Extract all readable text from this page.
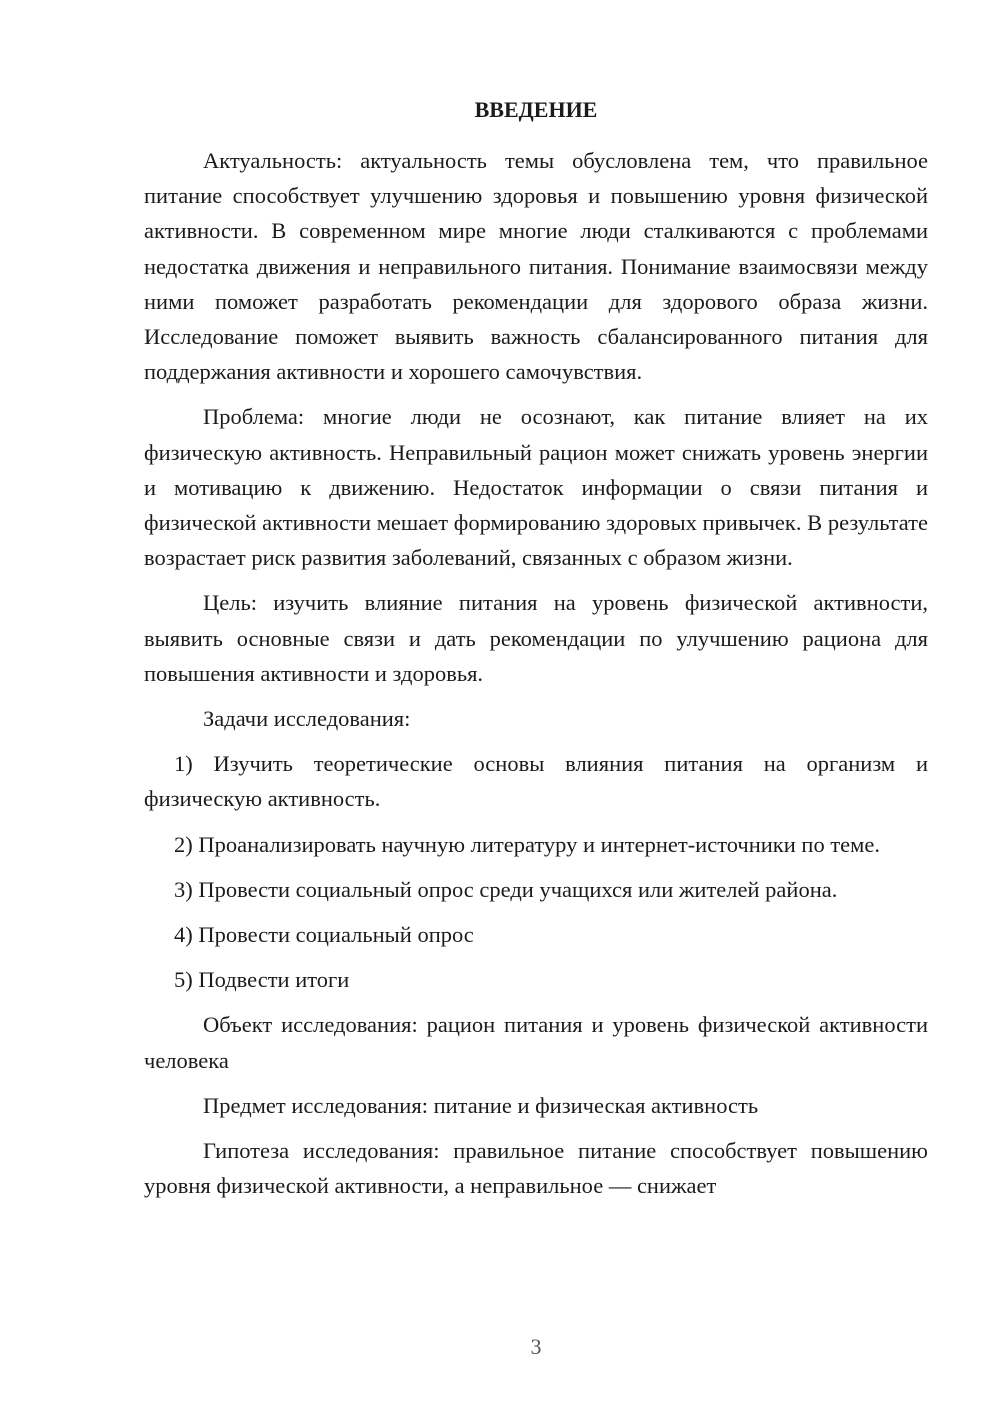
ВВЕДЕНИЕ

Актуальность: актуальность темы обусловлена тем, что правильное питание способствует улучшению здоровья и повышению уровня физической активности. В современном мире многие люди сталкиваются с проблемами недостатка движения и неправильного питания. Понимание взаимосвязи между ними поможет разработать рекомендации для здорового образа жизни. Исследование поможет выявить важность сбалансированного питания для поддержания активности и хорошего самочувствия.

Проблема: многие люди не осознают, как питание влияет на их физическую активность. Неправильный рацион может снижать уровень энергии и мотивацию к движению. Недостаток информации о связи питания и физической активности мешает формированию здоровых привычек. В результате возрастает риск развития заболеваний, связанных с образом жизни.

Цель: изучить влияние питания на уровень физической активности, выявить основные связи и дать рекомендации по улучшению рациона для повышения активности и здоровья.

Задачи исследования:

1) Изучить теоретические основы влияния питания на организм и физическую активность.

2) Проанализировать научную литературу и интернет-источники по теме.

3) Провести социальный опрос среди учащихся или жителей района.

4) Провести социальный опрос

5) Подвести итоги

Объект исследования: рацион питания и уровень физической активности человека

Предмет исследования: питание и физическая активность

Гипотеза исследования: правильное питание способствует повышению уровня физической активности, а неправильное — снижает

3
